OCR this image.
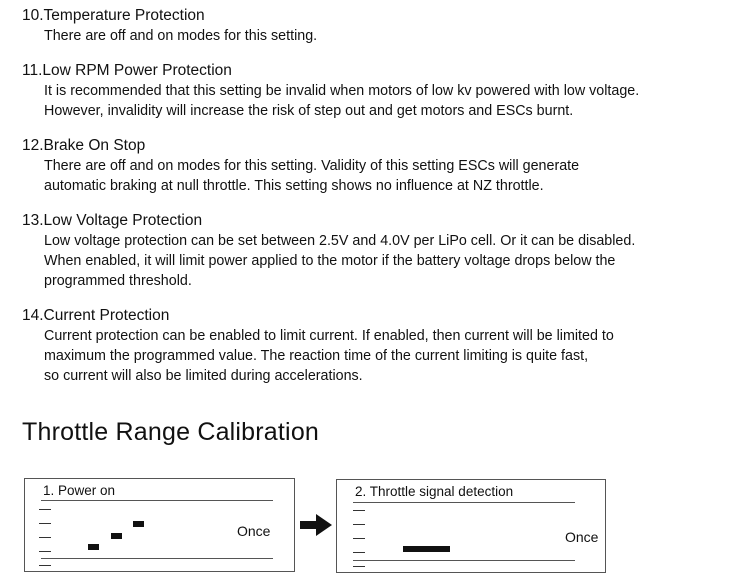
10.Temperature Protection

There are off and on modes for this setting.

11.Low RPM Power Protection

It is recommended that this setting be invalid when motors of low kv powered with low voltage.

However, invalidity will increase the risk of step out and get motors and ESCs burnt.

12.Brake On Stop

There are off and on modes for this setting. Validity of this setting ESCs will generate

automatic braking at null throttle. This setting shows no influence at NZ throttle.

13.Low Voltage Protection

Low voltage protection can be set between 2.5V and 4.0V per LiPo cell. Or it can be disabled.

When enabled, it will limit power applied to the motor if the battery voltage drops below the

programmed threshold.

14.Current Protection

Current protection can be enabled to limit current. If enabled, then current will be limited to

maximum the programmed value. The reaction time of the current limiting is quite fast,

so current will also be limited during accelerations.

Throttle Range Calibration

1. Power on

Once

2. Throttle signal detection

Once
